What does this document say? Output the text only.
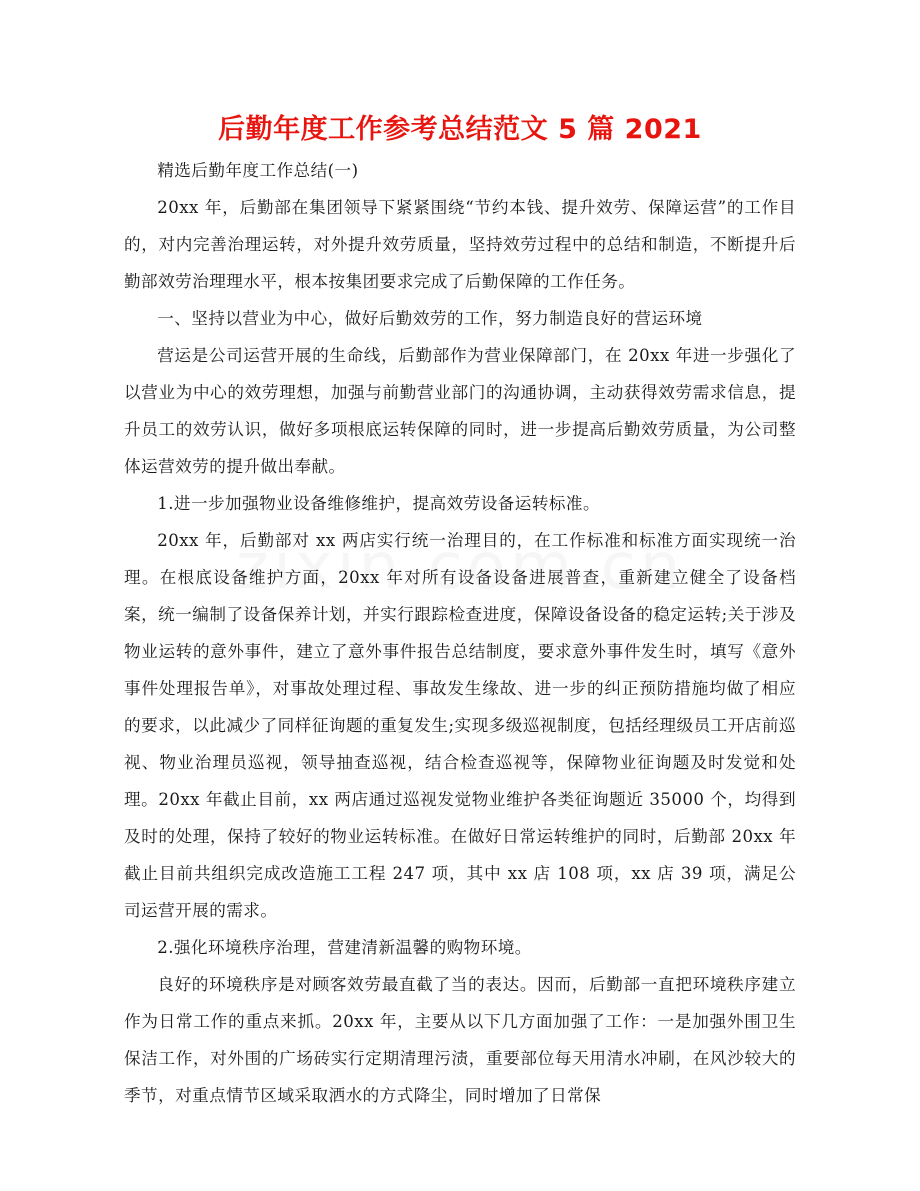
后勤年度工作参考总结范文 5 篇 2021

精选后勤年度工作总结(一)

20xx 年，后勤部在集团领导下紧紧围绕“节约本钱、提升效劳、保障运营”的工作目的，对内完善治理运转，对外提升效劳质量，坚持效劳过程中的总结和制造，不断提升后勤部效劳治理理水平，根本按集团要求完成了后勤保障的工作任务。

一、坚持以营业为中心，做好后勤效劳的工作，努力制造良好的营运环境

营运是公司运营开展的生命线，后勤部作为营业保障部门，在 20xx 年进一步强化了以营业为中心的效劳理想，加强与前勤营业部门的沟通协调，主动获得效劳需求信息，提升员工的效劳认识，做好多项根底运转保障的同时，进一步提高后勤效劳质量，为公司整体运营效劳的提升做出奉献。

1.进一步加强物业设备维修维护，提高效劳设备运转标准。

20xx 年，后勤部对 xx 两店实行统一治理目的，在工作标准和标准方面实现统一治理。在根底设备维护方面，20xx 年对所有设备设备进展普查，重新建立健全了设备档案，统一编制了设备保养计划，并实行跟踪检查进度，保障设备设备的稳定运转;关于涉及物业运转的意外事件，建立了意外事件报告总结制度，要求意外事件发生时，填写《意外事件处理报告单》，对事故处理过程、事故发生缘故、进一步的纠正预防措施均做了相应的要求，以此减少了同样征询题的重复发生;实现多级巡视制度，包括经理级员工开店前巡视、物业治理员巡视，领导抽查巡视，结合检查巡视等，保障物业征询题及时发觉和处理。20xx 年截止目前，xx 两店通过巡视发觉物业维护各类征询题近 35000 个，均得到及时的处理，保持了较好的物业运转标准。在做好日常运转维护的同时，后勤部 20xx 年截止目前共组织完成改造施工工程 247 项，其中 xx 店 108 项，xx 店 39 项，满足公司运营开展的需求。

2.强化环境秩序治理，营建清新温馨的购物环境。

良好的环境秩序是对顾客效劳最直截了当的表达。因而，后勤部一直把环境秩序建立作为日常工作的重点来抓。20xx 年，主要从以下几方面加强了工作：一是加强外围卫生保洁工作，对外围的广场砖实行定期清理污渍，重要部位每天用清水冲刷，在风沙较大的季节，对重点情节区域采取洒水的方式降尘，同时增加了日常保
